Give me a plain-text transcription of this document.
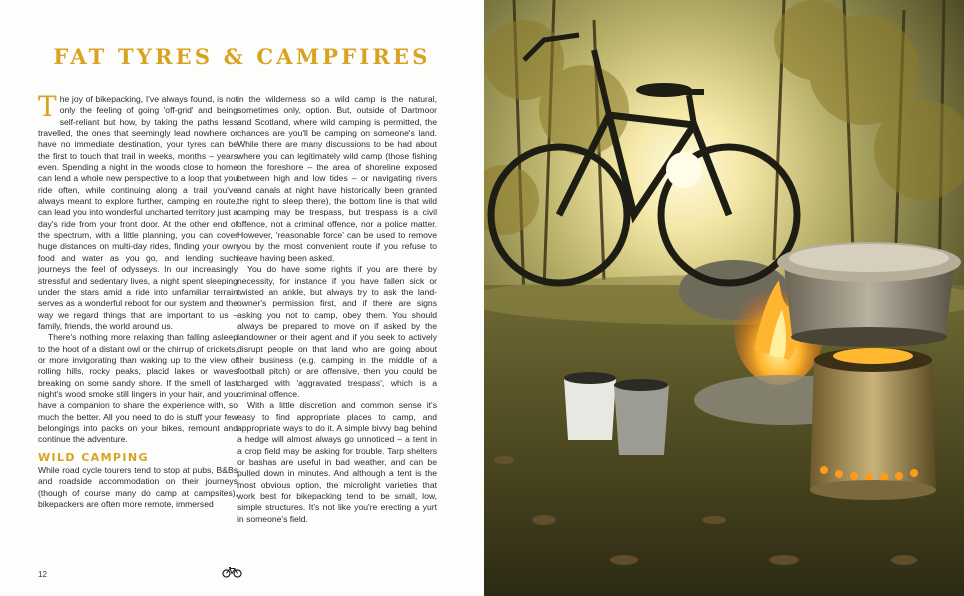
FAT TYRES & CAMPFIRES

The joy of bikepacking, I've always found, is not only the feeling of going 'off-grid' and being self-reliant but how, by taking the paths less travelled, the ones that seemingly lead nowhere or have no immediate destination, your tyres can be the first to touch that trail in weeks, months – years even. Spending a night in the woods close to home can lend a whole new perspective to a loop that you ride often, while continuing along a trail you've always meant to explore further, camping en route, can lead you into wonderful uncharted territory just a day's ride from your front door. At the other end of the spectrum, with a little planning, you can cover huge distances on multi-day rides, finding your own food and water as you go, and lending such journeys the feel of odysseys. In our increasingly stressful and sedentary lives, a night spent sleeping under the stars amid a ride into unfamiliar terrain serves as a wonderful reboot for our system and the way we regard things that are important to us – family, friends, the world around us.

There's nothing more relaxing than falling asleep to the hoot of a distant owl or the chirrup of crickets, or more invigorating than waking up to the view of rolling hills, rocky peaks, placid lakes or waves breaking on some sandy shore. If the smell of last night's wood smoke still lingers in your hair, and you have a companion to share the experience with, so much the better. All you need to do is stuff your few belongings into packs on your bikes, remount and continue the adventure.

WILD CAMPING

While road cycle tourers tend to stop at pubs, B&Bs and roadside accommodation on their journeys (though of course many do camp at campsites), bikepackers are often more remote, immersed

in the wilderness so a wild camp is the natural, sometimes only, option. But, outside of Dartmoor and Scotland, where wild camping is permitted, the chances are you'll be camping on someone's land. While there are many discussions to be had about where you can legitimately wild camp (those fishing on the foreshore – the area of shoreline exposed between high and low tides – or navigating rivers and canals at night have historically been granted the right to sleep there), the bottom line is that wild camping may be trespass, but trespass is a civil offence, not a criminal offence, nor a police matter. However, 'reasonable force' can be used to remove you by the most convenient route if you refuse to leave having been asked.

You do have some rights if you are there by necessity, for instance if you have fallen sick or twisted an ankle, but always try to ask the land-owner's permission first, and if there are signs asking you not to camp, obey them. You should always be prepared to move on if asked by the landowner or their agent and if you seek to actively disrupt people on that land who are going about their business (e.g. camping in the middle of a football pitch) or are offensive, then you could be charged with 'aggravated trespass', which is a criminal offence.

With a little discretion and common sense it's easy to find appropriate places to camp, and appropriate ways to do it. A simple bivvy bag behind a hedge will almost always go unnoticed – a tent in a crop field may be asking for trouble. Tarp shelters or bashas are useful in bad weather, and can be pulled down in minutes. And although a tent is the most obvious option, the microlight varieties that work best for bikepacking tend to be small, low, simple structures. It's not like you're erecting a yurt in someone's field.

12
